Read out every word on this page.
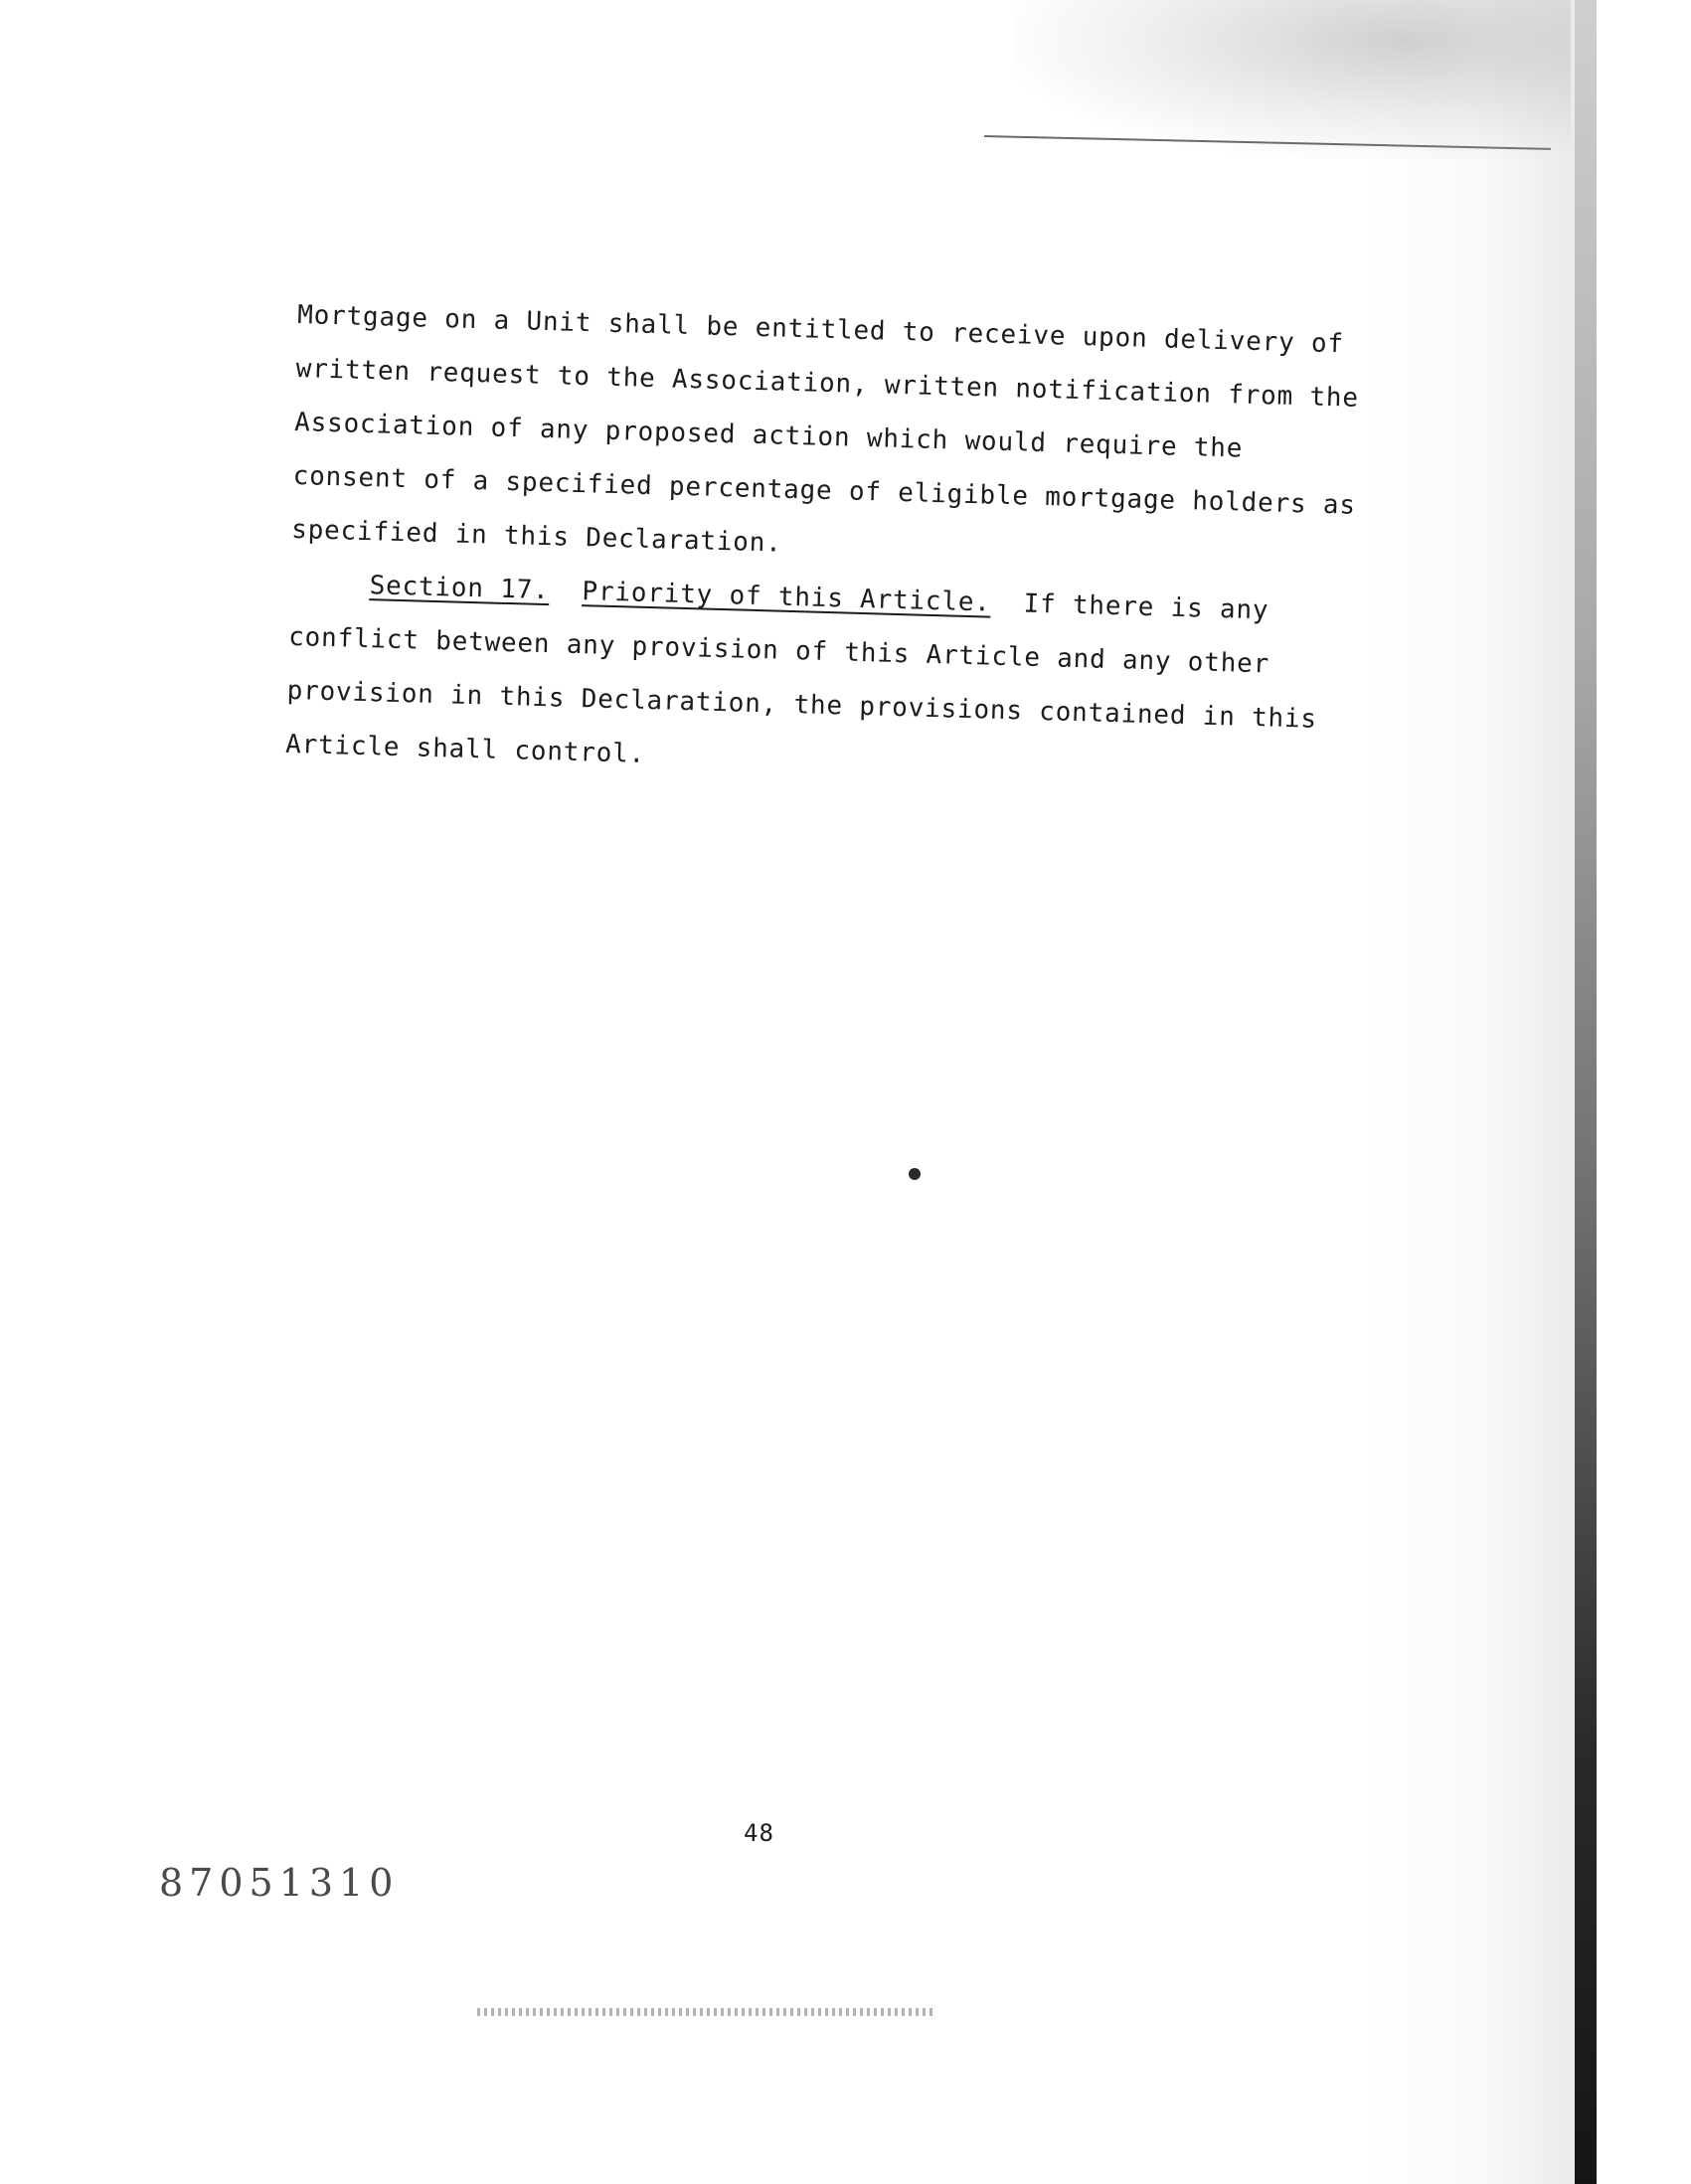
Mortgage on a Unit shall be entitled to receive upon delivery of
written request to the Association, written notification from the
Association of any proposed action which would require the
consent of a specified percentage of eligible mortgage holders as
specified in this Declaration.
Section 17. Priority of this Article. If there is any
conflict between any provision of this Article and any other
provision in this Declaration, the provisions contained in this
Article shall control.
48
87051310
